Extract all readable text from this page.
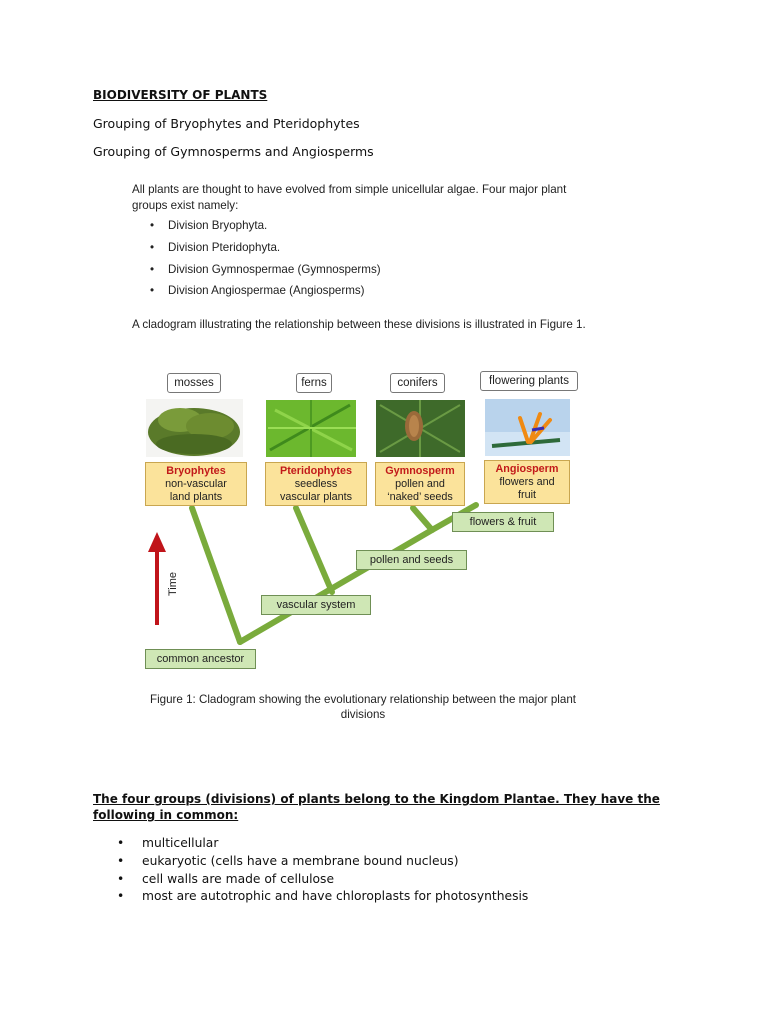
BIODIVERSITY OF PLANTS
Grouping of Bryophytes and Pteridophytes
Grouping of Gymnosperms and Angiosperms
All plants are thought to have evolved from simple unicellular algae. Four major plant groups exist namely:
• Division Bryophyta.
• Division Pteridophyta.
• Division Gymnospermae (Gymnosperms)
• Division Angiospermae (Angiosperms)
A cladogram illustrating the relationship between these divisions is illustrated in Figure 1.
Time
mosses	ferns	conifers	flowering plants
Bryophytes
non-vascular
land plants
Pteridophytes
seedless
vascular plants
Gymnosperm
pollen and
‘naked’ seeds
Angiosperm
flowers and
fruit
flowers & fruit
pollen and seeds
vascular system
common ancestor
Figure 1: Cladogram showing the evolutionary relationship between the major plant divisions
The four groups (divisions) of plants belong to the Kingdom Plantae. They have the following in common:
• multicellular
• eukaryotic (cells have a membrane bound nucleus)
• cell walls are made of cellulose
• most are autotrophic and have chloroplasts for photosynthesis
